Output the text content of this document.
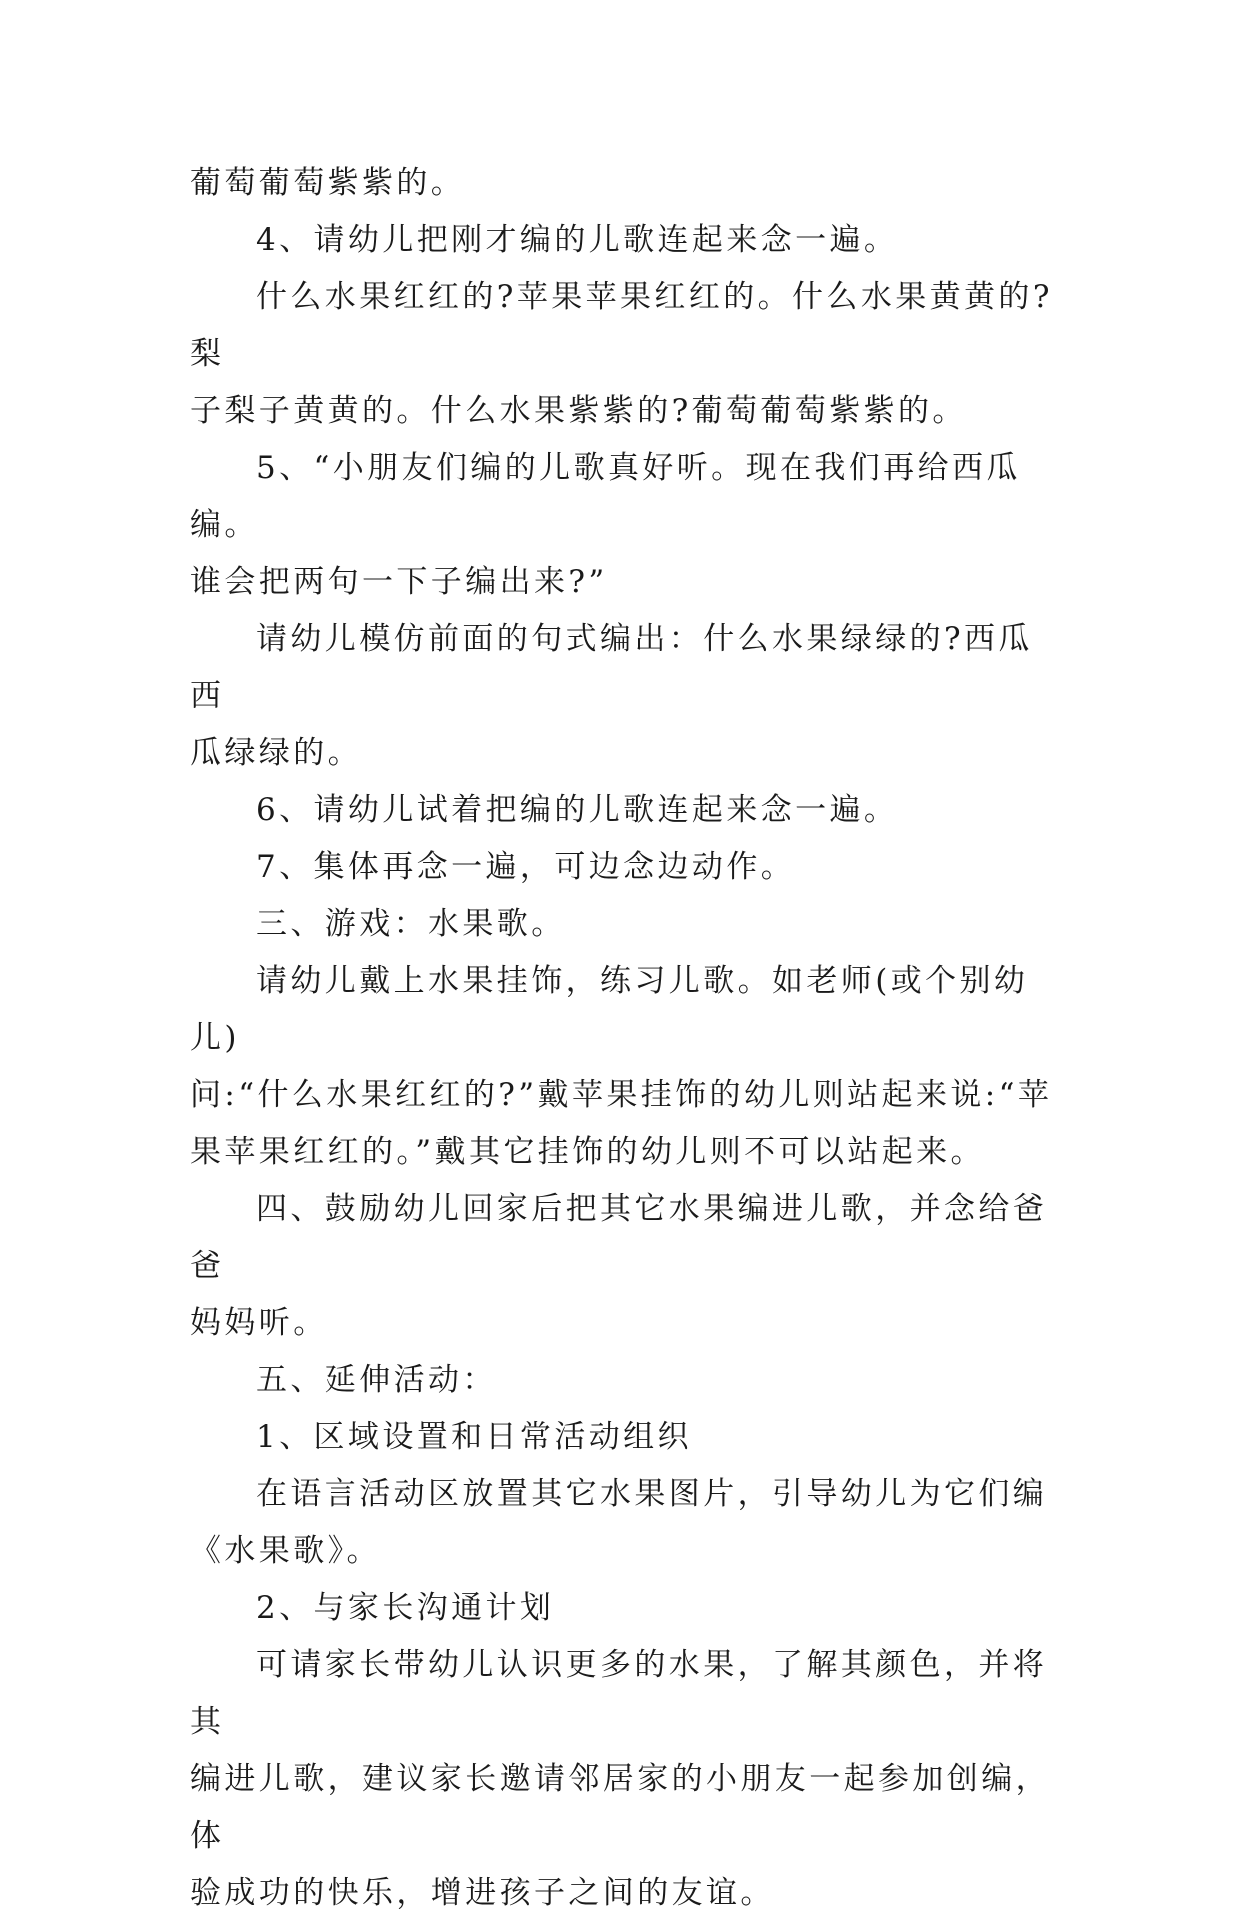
葡萄葡萄紫紫的。

4、请幼儿把刚才编的儿歌连起来念一遍。

什么水果红红的?苹果苹果红红的。什么水果黄黄的?梨
子梨子黄黄的。什么水果紫紫的?葡萄葡萄紫紫的。

5、“小朋友们编的儿歌真好听。现在我们再给西瓜编。
谁会把两句一下子编出来?”

请幼儿模仿前面的句式编出：什么水果绿绿的?西瓜西
瓜绿绿的。

6、请幼儿试着把编的儿歌连起来念一遍。

7、集体再念一遍，可边念边动作。

三、游戏：水果歌。

请幼儿戴上水果挂饰，练习儿歌。如老师(或个别幼儿)
问:“什么水果红红的?”戴苹果挂饰的幼儿则站起来说:“苹
果苹果红红的。”戴其它挂饰的幼儿则不可以站起来。

四、鼓励幼儿回家后把其它水果编进儿歌，并念给爸爸
妈妈听。

五、延伸活动：

1、区域设置和日常活动组织

在语言活动区放置其它水果图片，引导幼儿为它们编
《水果歌》。

2、与家长沟通计划

可请家长带幼儿认识更多的水果，了解其颜色，并将其
编进儿歌，建议家长邀请邻居家的小朋友一起参加创编，体
验成功的快乐，增进孩子之间的友谊。
